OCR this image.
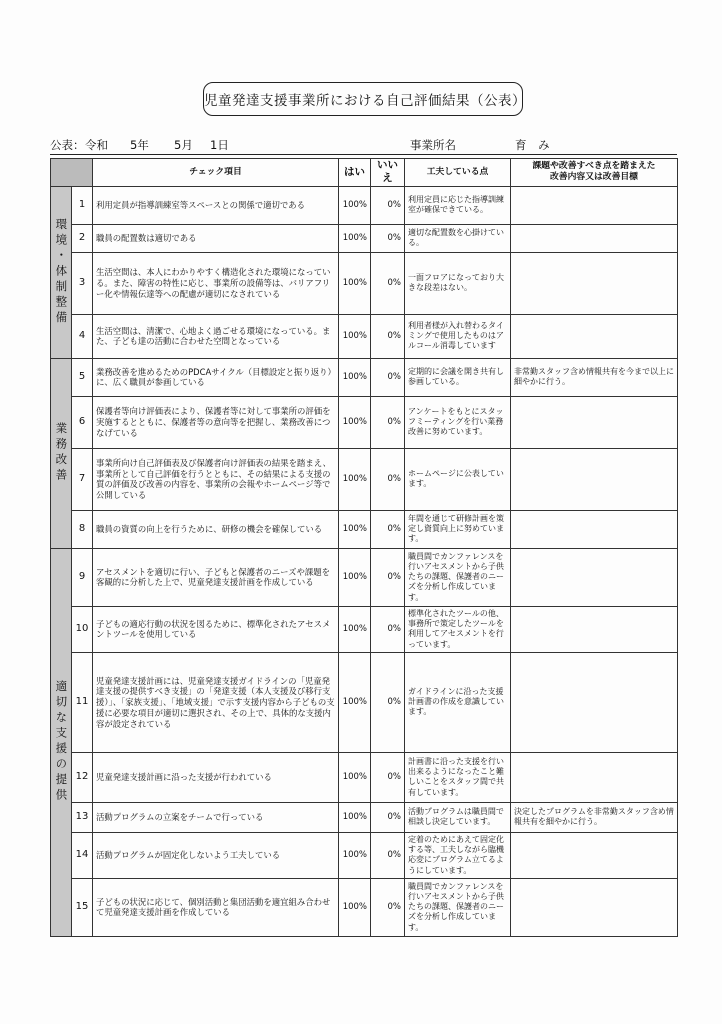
児童発達支援事業所における自己評価結果（公表）
公表： 令和 5年 5月 1日	事業所名	育　み
		チェック項目	はい	いいえ	工夫している点	課題や改善すべき点を踏まえた
改善内容又は改善目標
環境・体制整備	1	利用定員が指導訓練室等スペースとの関係で適切である	100%	0%	利用定員に応じた指導訓練室が確保できている。	
	2	職員の配置数は適切である	100%	0%	適切な配置数を心掛けている。	
	3	生活空間は、本人にわかりやすく構造化された環境になっている。また、障害の特性に応じ、事業所の設備等は、バリアフリー化や情報伝達等への配慮が適切になされている	100%	0%	一面フロアになっており大きな段差はない。	
	4	生活空間は、清潔で、心地よく過ごせる環境になっている。また、子ども達の活動に合わせた空間となっている	100%	0%	利用者様が入れ替わるタイミングで使用したものはアルコール消毒しています	
業務改善	5	業務改善を進めるためのPDCAサイクル（目標設定と振り返り）に、広く職員が参画している	100%	0%	定期的に会議を開き共有し参画している。	非常勤スタッフ含め情報共有を今まで以上に細やかに行う。
	6	保護者等向け評価表により、保護者等に対して事業所の評価を実施するとともに、保護者等の意向等を把握し、業務改善につなげている	100%	0%	アンケートをもとにスタッフミーティングを行い業務改善に努めています。	
	7	事業所向け自己評価表及び保護者向け評価表の結果を踏まえ、事業所として自己評価を行うとともに、その結果による支援の質の評価及び改善の内容を、事業所の会報やホームページ等で公開している	100%	0%	ホームページに公表しています。	
	8	職員の資質の向上を行うために、研修の機会を確保している	100%	0%	年間を通じて研修計画を策定し資質向上に努めています。	
適切な支援の提供	9	アセスメントを適切に行い、子どもと保護者のニーズや課題を客観的に分析した上で、児童発達支援計画を作成している	100%	0%	職員間でカンファレンスを行いアセスメントから子供たちの課題、保護者のニーズを分析し作成しています。	
	10	子どもの適応行動の状況を図るために、標準化されたアセスメントツールを使用している	100%	0%	標準化されたツールの他、事務所で策定したツールを利用してアセスメントを行っています。	
	11	児童発達支援計画には、児童発達支援ガイドラインの「児童発達支援の提供すべき支援」の「発達支援（本人支援及び移行支援）」、「家族支援」、「地域支援」で示す支援内容から子どもの支援に必要な項目が適切に選択され、その上で、具体的な支援内容が設定されている	100%	0%	ガイドラインに沿った支援計画書の作成を意識しています。	
	12	児童発達支援計画に沿った支援が行われている	100%	0%	計画書に沿った支援を行い出来るようになったこと難しいことをスタッフ間で共有しています。	
	13	活動プログラムの立案をチームで行っている	100%	0%	活動プログラムは職員間で相談し決定しています。	決定したプログラムを非常勤スタッフ含め情報共有を細やかに行う。
	14	活動プログラムが固定化しないよう工夫している	100%	0%	定着のためにあえて固定化する等、工夫しながら臨機応変にプログラム立てるようにしています。	
	15	子どもの状況に応じて、個別活動と集団活動を適宜組み合わせて児童発達支援計画を作成している	100%	0%	職員間でカンファレンスを行いアセスメントから子供たちの課題、保護者のニーズを分析し作成しています。	
